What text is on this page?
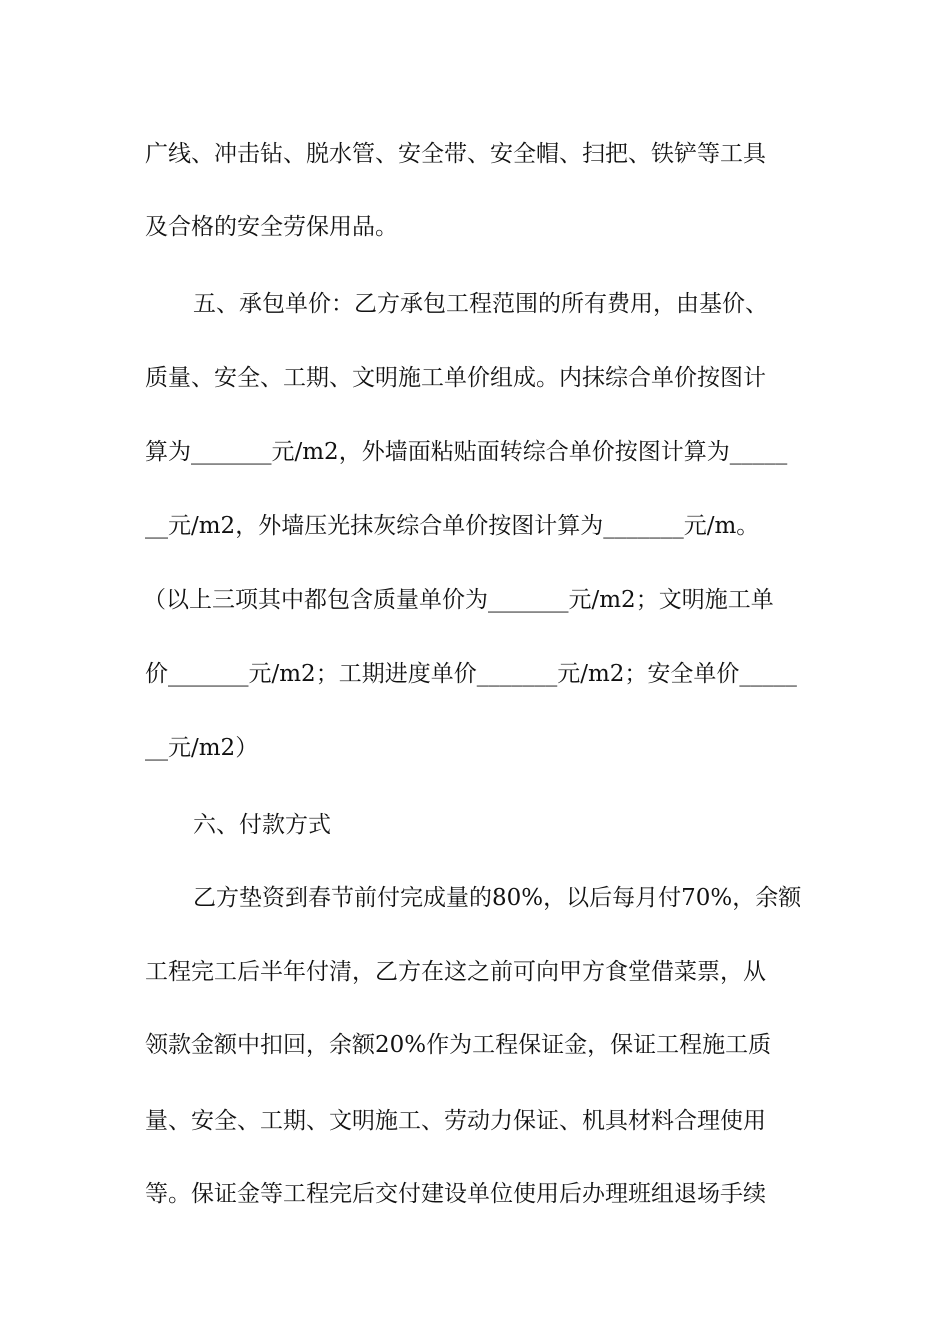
广线、冲击钻、脱水管、安全带、安全帽、扫把、铁铲等工具
及合格的安全劳保用品。
五、承包单价：乙方承包工程范围的所有费用，由基价、
质量、安全、工期、文明施工单价组成。内抹综合单价按图计
算为_______元/m2，外墙面粘贴面转综合单价按图计算为_____
__元/m2，外墙压光抹灰综合单价按图计算为_______元/m。
（以上三项其中都包含质量单价为_______元/m2；文明施工单
价_______元/m2；工期进度单价_______元/m2；安全单价_____
__元/m2）
六、付款方式
乙方垫资到春节前付完成量的80%，以后每月付70%，余额
工程完工后半年付清，乙方在这之前可向甲方食堂借菜票，从
领款金额中扣回，余额20%作为工程保证金，保证工程施工质
量、安全、工期、文明施工、劳动力保证、机具材料合理使用
等。保证金等工程完后交付建设单位使用后办理班组退场手续
